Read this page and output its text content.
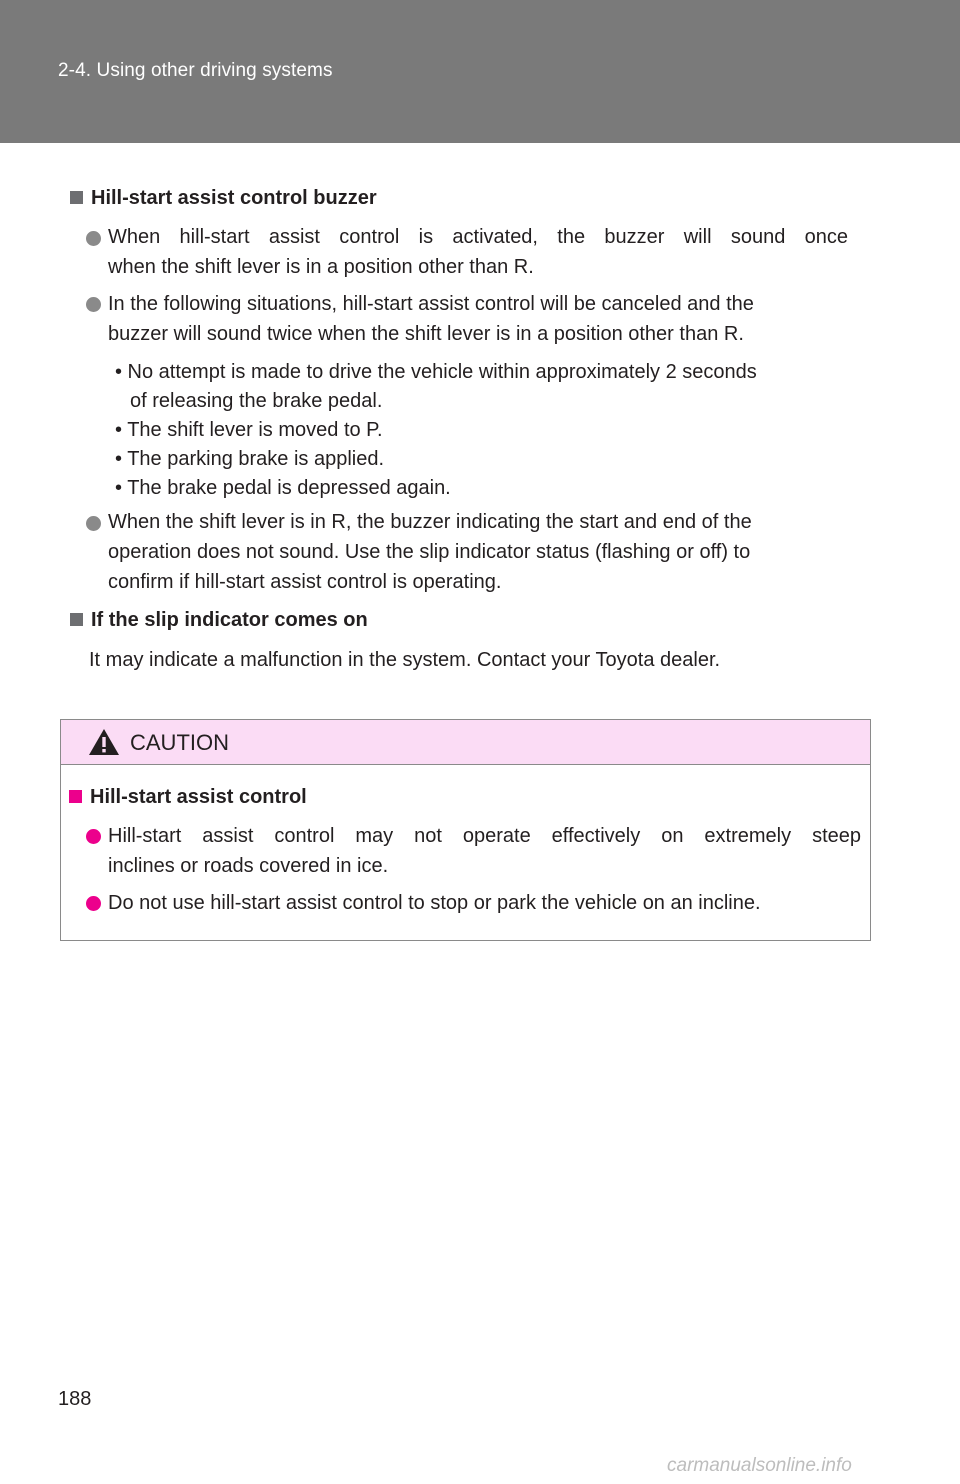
2-4. Using other driving systems
Hill-start assist control buzzer
When hill-start assist control is activated, the buzzer will sound once
when the shift lever is in a position other than R.
In the following situations, hill-start assist control will be canceled and the
buzzer will sound twice when the shift lever is in a position other than R.
• No attempt is made to drive the vehicle within approximately 2 seconds
of releasing the brake pedal.
• The shift lever is moved to P.
• The parking brake is applied.
• The brake pedal is depressed again.
When the shift lever is in R, the buzzer indicating the start and end of the
operation does not sound. Use the slip indicator status (flashing or off) to
confirm if hill-start assist control is operating.
If the slip indicator comes on
It may indicate a malfunction in the system. Contact your Toyota dealer.
CAUTION
Hill-start assist control
Hill-start assist control may not operate effectively on extremely steep
inclines or roads covered in ice.
Do not use hill-start assist control to stop or park the vehicle on an incline.
188
carmanualsonline.info
